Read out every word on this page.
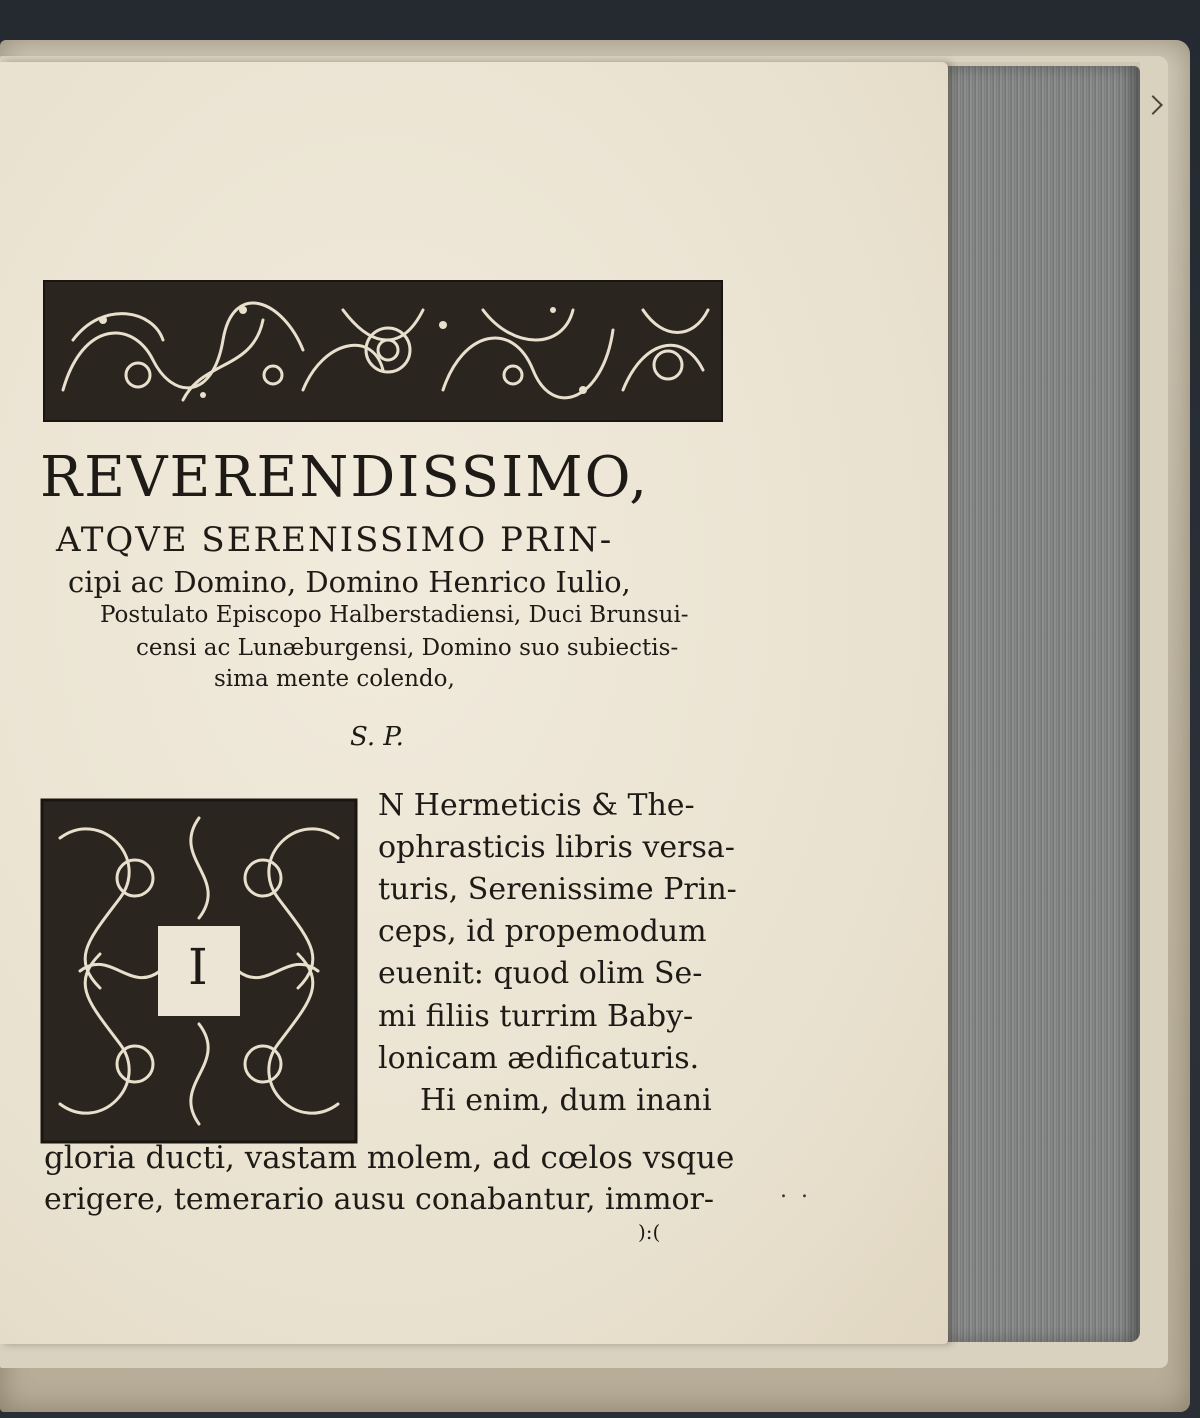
REVERENDISSIMO,
ATQVE SERENISSIMO PRIN-
cipi ac Domino, Domino Henrico Iulio,
Postulato Episcopo Halberstadiensi, Duci Brunsui-
censi ac Lunæburgensi, Domino suo subiectis-
sima mente colendo,
S. P.
I
N Hermeticis & The-
ophrasticis libris versa-
turis, Serenissime Prin-
ceps, id propemodum
euenit: quod olim Se-
mi filiis turrim Baby-
lonicam ædificaturis.
Hi enim, dum inani
gloria ducti, vastam molem, ad cœlos vsque
erigere, temerario ausu conabantur, immor-
):(
.  .
